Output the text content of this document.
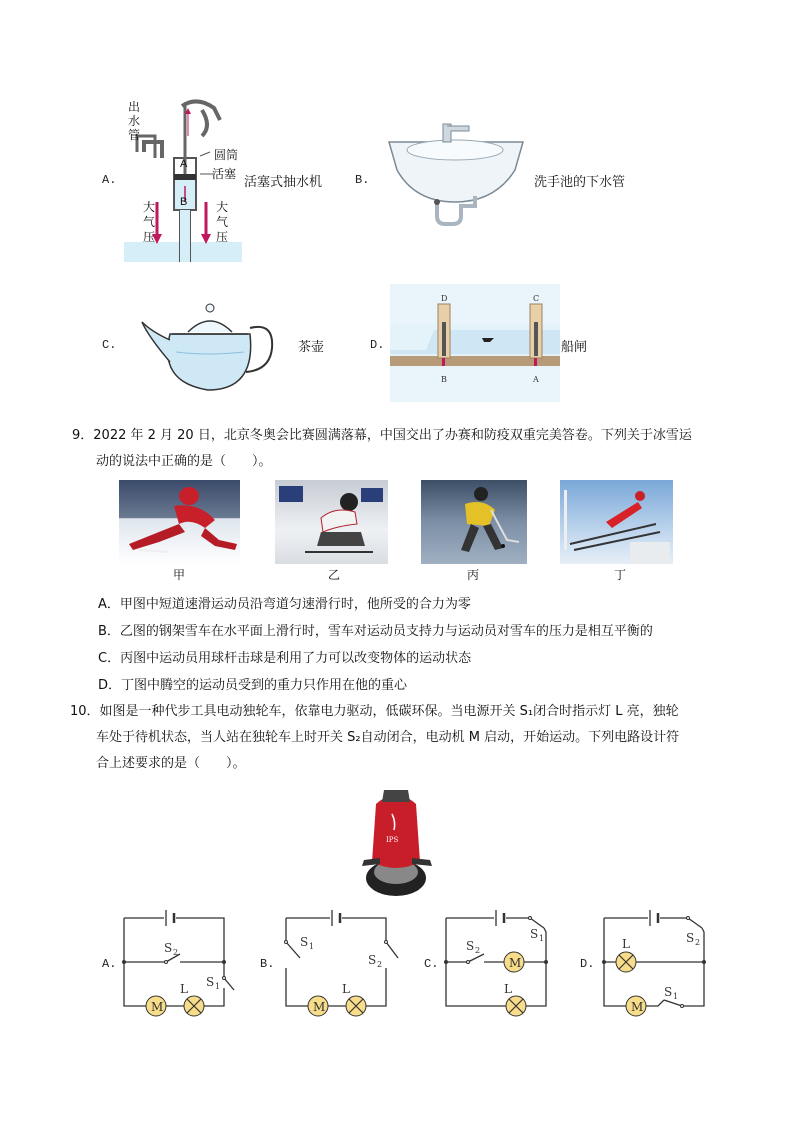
A.
出
水
管
圆筒
活塞
A
B
大
气
压
大
气
压
活塞式抽水机	B.	洗手池的下水管
C.	茶壶	D.
D	C
B	A
船闸
9．2022 年 2 月 20 日，北京冬奥会比赛圆满落幕，中国交出了办赛和防疫双重完美答卷。下列关于冰雪运
动的说法中正确的是（　　）。
甲	乙	丙	丁
A．甲图中短道速滑运动员沿弯道匀速滑行时，他所受的合力为零
B．乙图的钢架雪车在水平面上滑行时，雪车对运动员支持力与运动员对雪车的压力是相互平衡的
C．丙图中运动员用球杆击球是利用了力可以改变物体的运动状态
D．丁图中腾空的运动员受到的重力只作用在他的重心
10．如图是一种代步工具电动独轮车，依靠电力驱动，低碳环保。当电源开关 S₁闭合时指示灯 L 亮，独轮
车处于待机状态，当人站在独轮车上时开关 S₂自动闭合，电动机 M 启动，开始运动。下列电路设计符
合上述要求的是（　　）。
IPS
A.
M
L
S 2
S 1
B.
M
L
S 1
S 2	C.	M
L
S 2
S 1
D.
M
L	S 2
S 1
